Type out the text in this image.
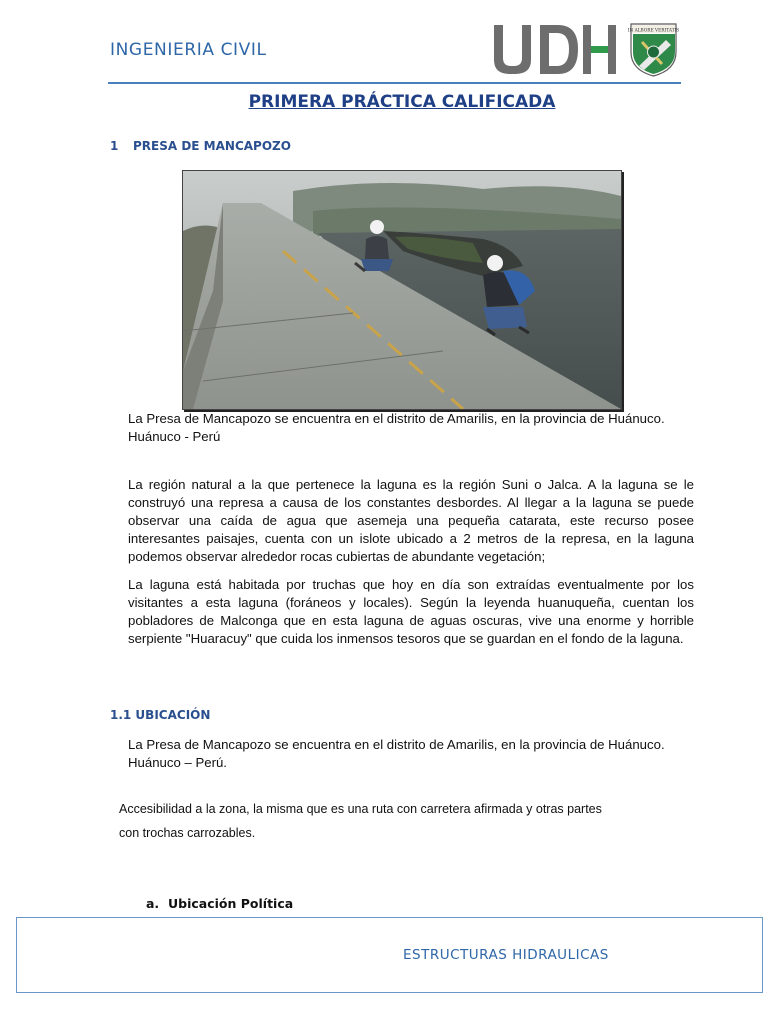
INGENIERIA CIVIL
IN ALBORE VERITATIS
PRIMERA PRÁCTICA CALIFICADA
1 PRESA DE MANCAPOZO

La Presa de Mancapozo se encuentra en el distrito de Amarilis, en la provincia de Huánuco.

Huánuco - Perú

La región natural a la que pertenece la laguna es la región Suni o Jalca. A la laguna se le construyó una represa a causa de los constantes desbordes. Al llegar a la laguna se puede observar una caída de agua que asemeja una pequeña catarata, este recurso posee interesantes paisajes, cuenta con un islote ubicado a 2 metros de la represa, en la laguna podemos observar alrededor rocas cubiertas de abundante vegetación;
La laguna está habitada por truchas que hoy en día son extraídas eventualmente por los visitantes a esta laguna (foráneos y locales). Según la leyenda huanuqueña, cuentan los pobladores de Malconga que en esta laguna de aguas oscuras, vive una enorme y horrible serpiente "Huaracuy" que cuida los inmensos tesoros que se guardan en el fondo de la laguna.
1.1 UBICACIÓN

La Presa de Mancapozo se encuentra en el distrito de Amarilis, en la provincia de Huánuco.

Huánuco – Perú.

Accesibilidad a la zona, la misma que es una ruta con carretera afirmada y otras partes

con trochas carrozables.

a. Ubicación Política
ESTRUCTURAS HIDRAULICAS
